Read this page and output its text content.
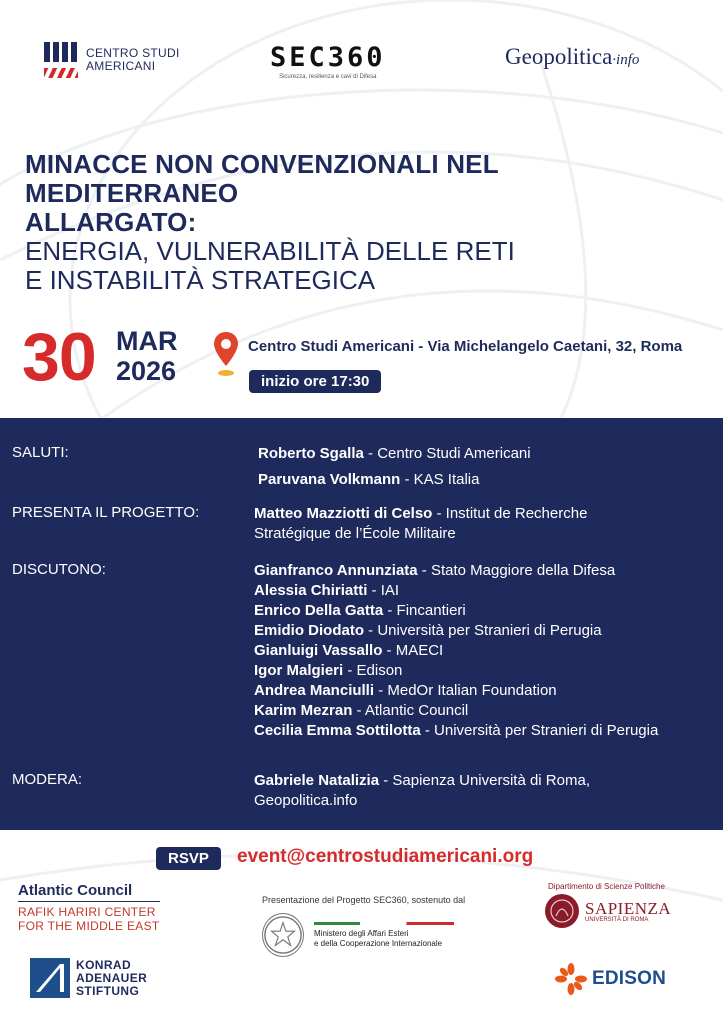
CENTRO STUDI
AMERICANI	SEC360
Sicurezza, resilienza e cavi di Difesa
Geopolitica·info
MINACCE NON CONVENZIONALI NEL MEDITERRANEO
ALLARGATO:
ENERGIA, VULNERABILITÀ DELLE RETI
E INSTABILITÀ STRATEGICA
30 MAR
2026
Centro Studi Americani - Via Michelangelo Caetani, 32, Roma
inizio ore 17:30
SALUTI:	Roberto Sgalla - Centro Studi Americani
Paruvana Volkmann - KAS Italia
PRESENTA IL PROGETTO:	Matteo Mazziotti di Celso - Institut de Recherche Stratégique de l’École Militaire
DISCUTONO:	Gianfranco Annunziata - Stato Maggiore della Difesa
Alessia Chiriatti - IAI
Enrico Della Gatta - Fincantieri
Emidio Diodato - Università per Stranieri di Perugia
Gianluigi Vassallo - MAECI
Igor Malgieri - Edison
Andrea Manciulli - MedOr Italian Foundation
Karim Mezran - Atlantic Council
Cecilia Emma Sottilotta - Università per Stranieri di Perugia
MODERA:	Gabriele Natalizia - Sapienza Università di Roma, Geopolitica.info
RSVP	event@centrostudiamericani.org
Atlantic Council
RAFIK HARIRI CENTER
FOR THE MIDDLE EAST
KONRAD
ADENAUER
STIFTUNG
Presentazione del Progetto SEC360, sostenuto dal
Ministero degli Affari Esteri
e della Cooperazione Internazionale
Dipartimento di Scienze Politiche
SAPIENZA
UNIVERSITÀ DI ROMA
EDISON
